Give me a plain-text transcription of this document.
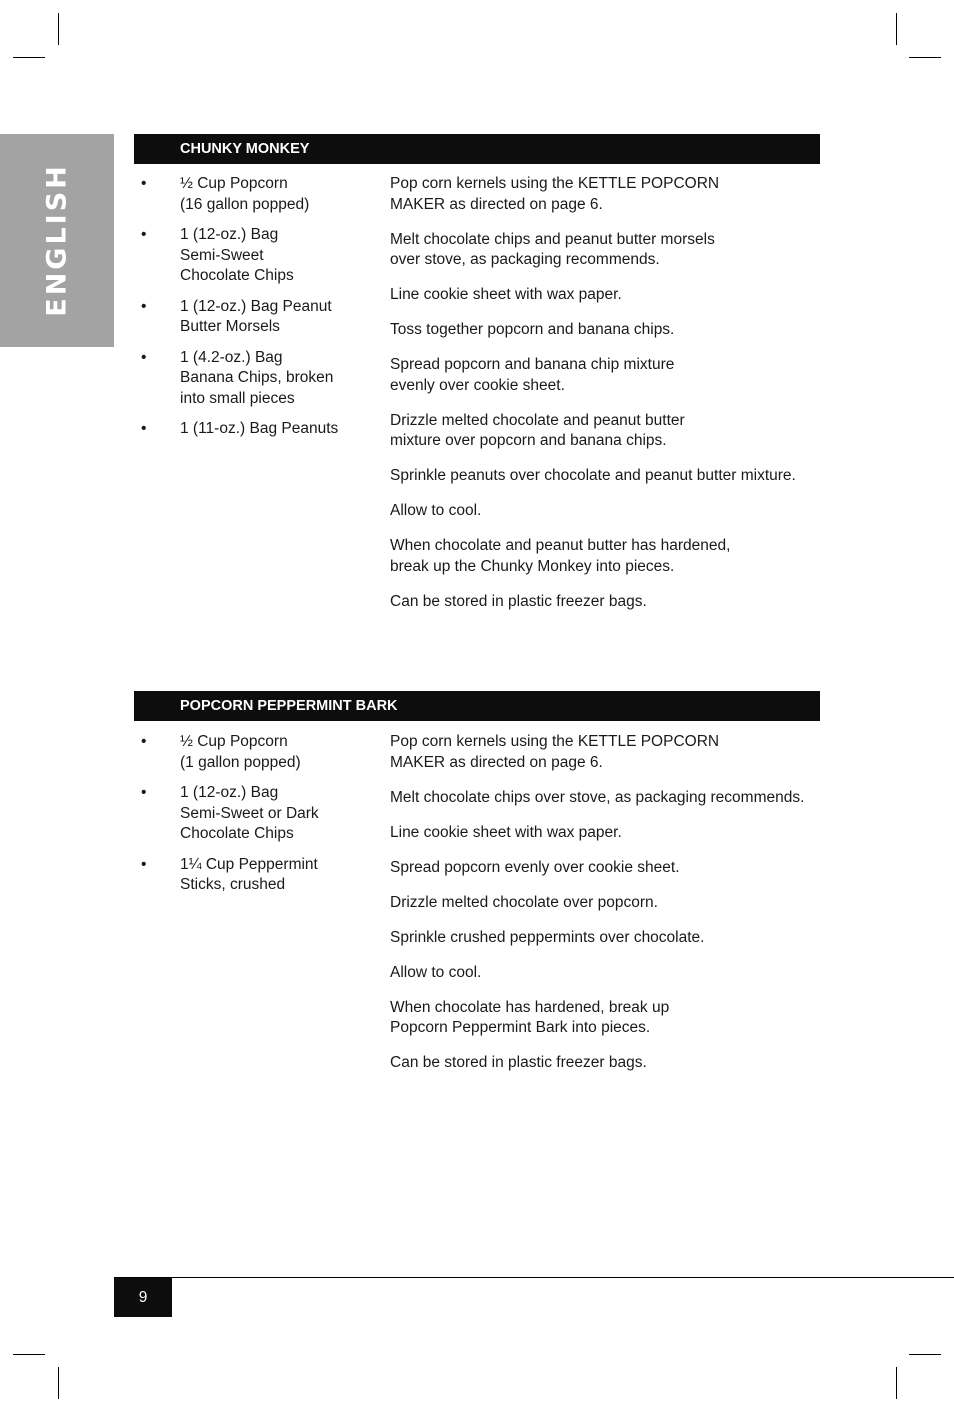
ENGLISH
CHUNKY MONKEY
• ½ Cup Popcorn
(16 gallon popped)
• 1 (12-oz.) Bag
Semi-Sweet
Chocolate Chips
• 1 (12-oz.) Bag Peanut
Butter Morsels
• 1 (4.2-oz.) Bag
Banana Chips, broken
into small pieces
• 1 (11-oz.) Bag Peanuts

Pop corn kernels using the KETTLE POPCORN
MAKER as directed on page 6.

Melt chocolate chips and peanut butter morsels
over stove, as packaging recommends.

Line cookie sheet with wax paper.

Toss together popcorn and banana chips.

Spread popcorn and banana chip mixture
evenly over cookie sheet.

Drizzle melted chocolate and peanut butter
mixture over popcorn and banana chips.

Sprinkle peanuts over chocolate and peanut butter mixture.

Allow to cool.

When chocolate and peanut butter has hardened,
break up the Chunky Monkey into pieces.

Can be stored in plastic freezer bags.

POPCORN PEPPERMINT BARK
• ½ Cup Popcorn
(1 gallon popped)
• 1 (12-oz.) Bag
Semi-Sweet or Dark
Chocolate Chips
• 1¼ Cup Peppermint
Sticks, crushed

Pop corn kernels using the KETTLE POPCORN
MAKER as directed on page 6.

Melt chocolate chips over stove, as packaging recommends.

Line cookie sheet with wax paper.

Spread popcorn evenly over cookie sheet.

Drizzle melted chocolate over popcorn.

Sprinkle crushed peppermints over chocolate.

Allow to cool.

When chocolate has hardened, break up
Popcorn Peppermint Bark into pieces.

Can be stored in plastic freezer bags.

9
